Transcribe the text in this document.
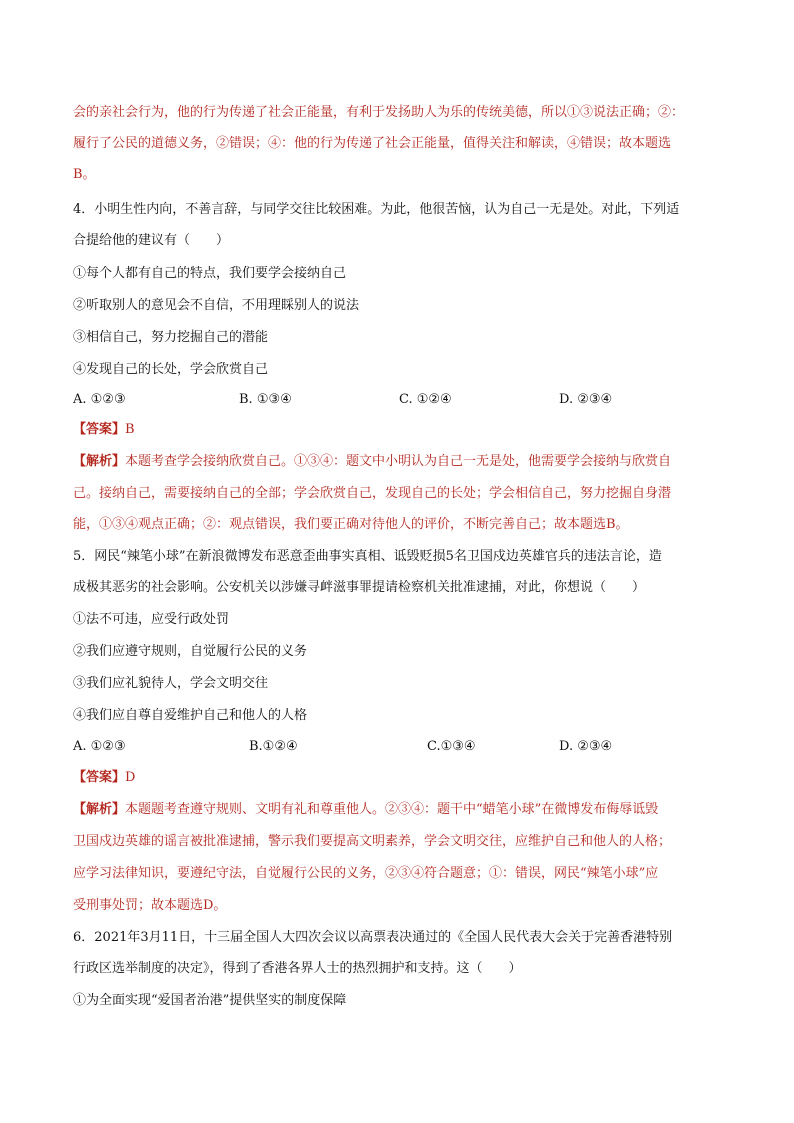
会的亲社会行为，他的行为传递了社会正能量，有利于发扬助人为乐的传统美德，所以①③说法正确；②：
履行了公民的道德义务，②错误；④：他的行为传递了社会正能量，值得关注和解读，④错误；故本题选
B。
4．小明生性内向，不善言辞，与同学交往比较困难。为此，他很苦恼，认为自己一无是处。对此，下列适
合提给他的建议有（　　）
①每个人都有自己的特点，我们要学会接纳自己
②听取别人的意见会不自信，不用理睬别人的说法
③相信自己，努力挖掘自己的潜能
④发现自己的长处，学会欣赏自己
A. ①②③	B. ①③④	C. ①②④	D. ②③④
【答案】B
【解析】本题考查学会接纳欣赏自己。①③④：题文中小明认为自己一无是处，他需要学会接纳与欣赏自
己。接纳自己，需要接纳自己的全部；学会欣赏自己，发现自己的长处；学会相信自己，努力挖掘自身潜
能，①③④观点正确；②：观点错误，我们要正确对待他人的评价，不断完善自己；故本题选B。
5．网民“辣笔小球”在新浪微博发布恶意歪曲事实真相、诋毁贬损5名卫国戍边英雄官兵的违法言论，造
成极其恶劣的社会影响。公安机关以涉嫌寻衅滋事罪提请检察机关批准逮捕，对此，你想说（　　）
①法不可违，应受行政处罚
②我们应遵守规则，自觉履行公民的义务
③我们应礼貌待人，学会文明交往
④我们应自尊自爱维护自己和他人的人格
A. ①②③	B.①②④	C.①③④	D. ②③④
【答案】D
【解析】本题题考查遵守规则、文明有礼和尊重他人。②③④：题干中“蜡笔小球”在微博发布侮辱诋毁
卫国戍边英雄的谣言被批准逮捕，警示我们要提高文明素养，学会文明交往，应维护自己和他人的人格；
应学习法律知识，要遵纪守法，自觉履行公民的义务，②③④符合题意；①：错误，网民“辣笔小球”应
受刑事处罚；故本题选D。
6．2021年3月11日，十三届全国人大四次会议以高票表决通过的《全国人民代表大会关于完善香港特别
行政区选举制度的决定》，得到了香港各界人士的热烈拥护和支持。这（　　）
①为全面实现“爱国者治港”提供坚实的制度保障
